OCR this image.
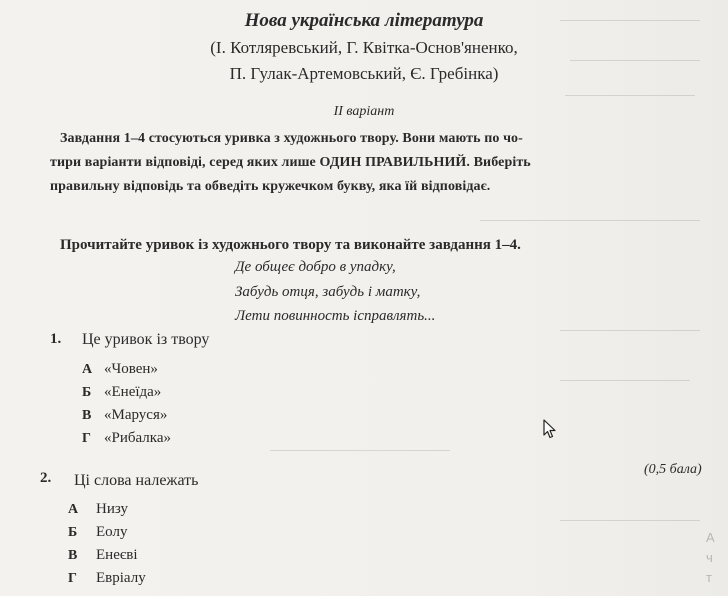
Нова українська література
(І. Котляревський, Г. Квітка-Основ'яненко,
П. Гулак-Артемовський, Є. Гребінка)
ІІ варіант
Завдання 1–4 стосуються уривка з художнього твору. Вони мають по чо-
тири варіанти відповіді, серед яких лише ОДИН ПРАВИЛЬНИЙ. Виберіть
правильну відповідь та обведіть кружечком букву, яка їй відповідає.
Прочитайте уривок із художнього твору та виконайте завдання 1–4.
Де общеє добро в упадку,
Забудь отця, забудь і матку,
Лети повинность ісправлять...
1. Це уривок із твору
А «Човен»
Б «Енеїда»
В «Маруся»
Г «Рибалка»
2. Ці слова належать
(0,5 бала)
А Низу
Б Еолу
В Енеєві
Г Евріалу
А
ч
т
